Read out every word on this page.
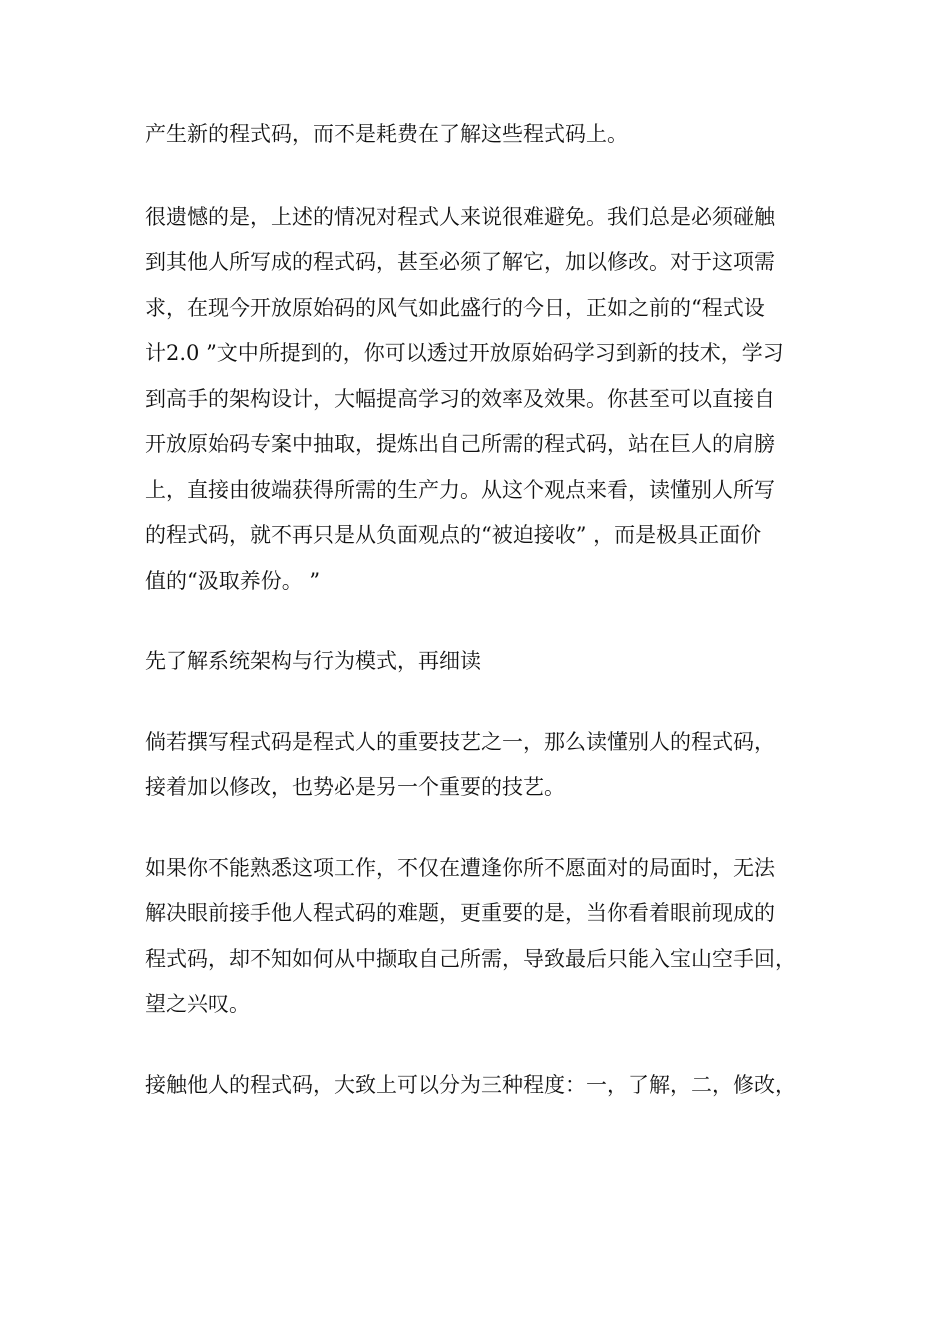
产生新的程式码，而不是耗费在了解这些程式码上。

很遗憾的是，上述的情况对程式人来说很难避免。我们总是必须碰触

到其他人所写成的程式码，甚至必须了解它，加以修改。对于这项需

求，在现今开放原始码的风气如此盛行的今日，正如之前的“程式设

计2.0 ”文中所提到的，你可以透过开放原始码学习到新的技术，学习

到高手的架构设计，大幅提高学习的效率及效果。你甚至可以直接自

开放原始码专案中抽取，提炼出自己所需的程式码，站在巨人的肩膀

上，直接由彼端获得所需的生产力。从这个观点来看，读懂别人所写

的程式码，就不再只是从负面观点的“被迫接收” ，而是极具正面价

值的“汲取养份。 ”

先了解系统架构与行为模式，再细读

倘若撰写程式码是程式人的重要技艺之一，那么读懂别人的程式码，

接着加以修改，也势必是另一个重要的技艺。

如果你不能熟悉这项工作，不仅在遭逢你所不愿面对的局面时，无法

解决眼前接手他人程式码的难题，更重要的是，当你看着眼前现成的

程式码，却不知如何从中撷取自己所需，导致最后只能入宝山空手回，

望之兴叹。

接触他人的程式码，大致上可以分为三种程度：一，了解，二，修改，
